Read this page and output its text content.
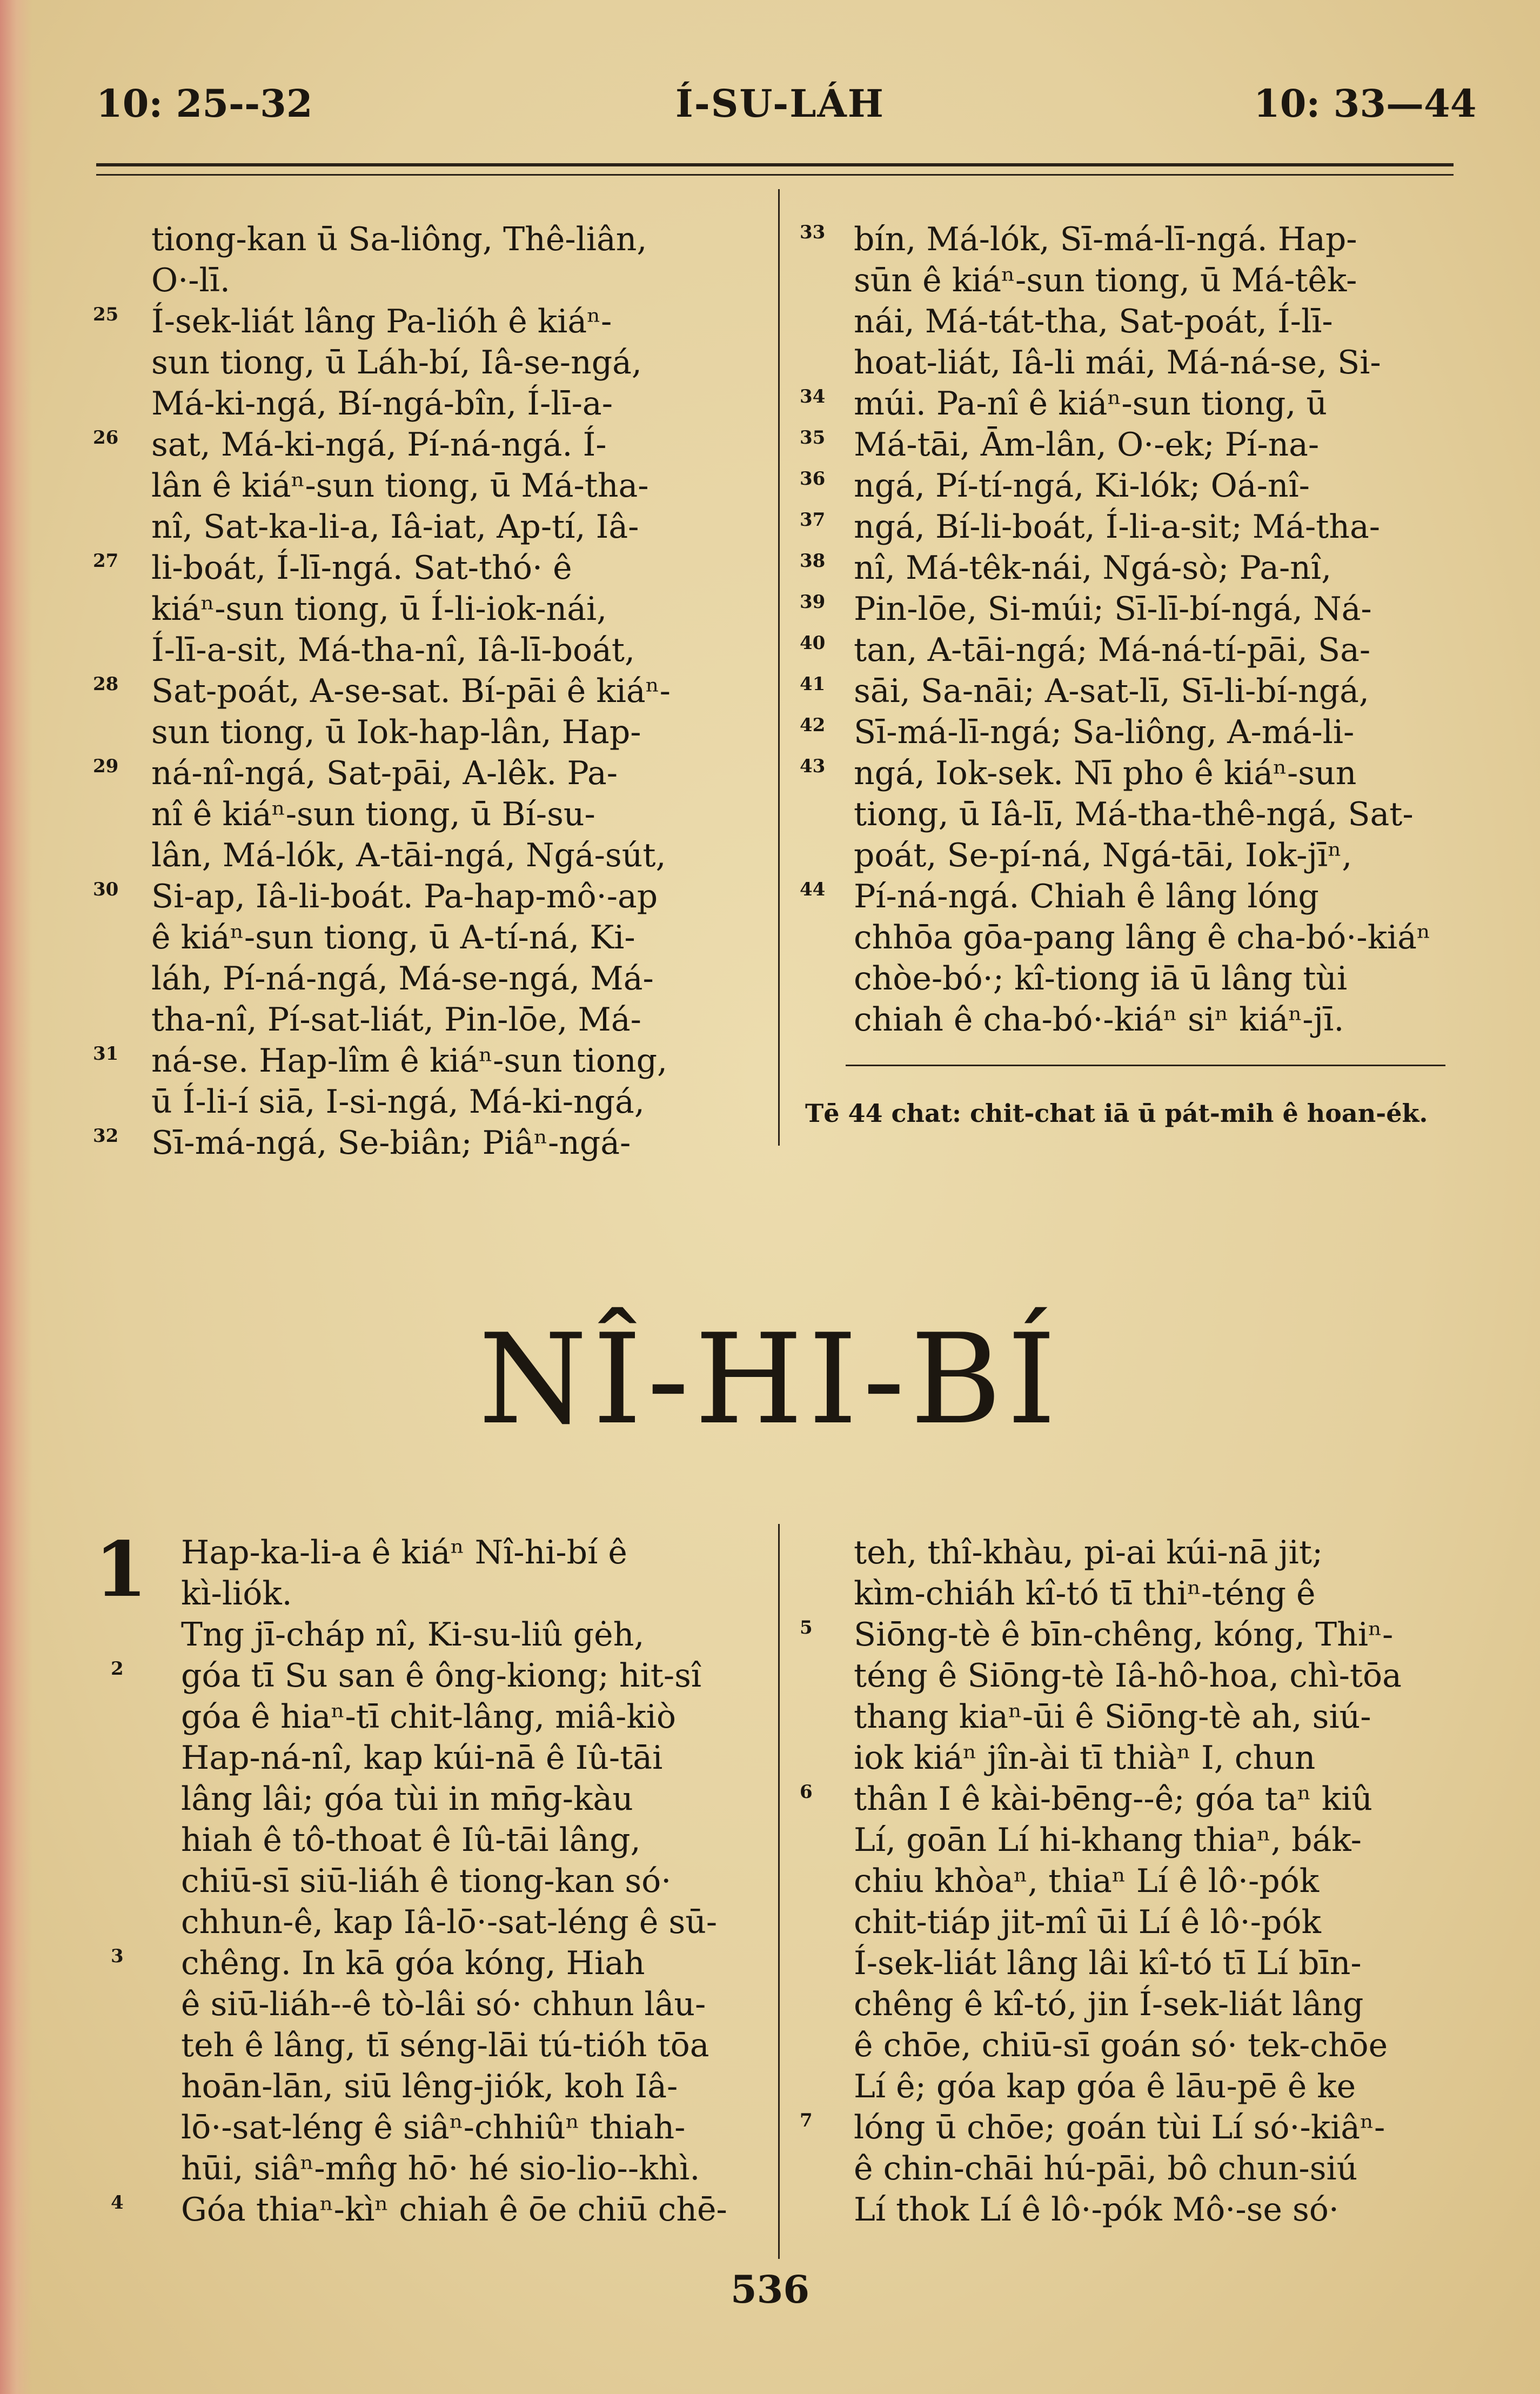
10: 25--32	Í-SU-LÁH	10: 33—44
tiong-kan ū Sa-liông, Thê-liân,
O·-lī.
25 Í-sek-liát lâng Pa-lióh ê kiáⁿ-
sun tiong, ū Láh-bí, Iâ-se-ngá,
Má-ki-ngá, Bí-ngá-bîn, Í-lī-a-
26 sat, Má-ki-ngá, Pí-ná-ngá. Í-
lân ê kiáⁿ-sun tiong, ū Má-tha-
nî, Sat-ka-li-a, Iâ-iat, Ap-tí, Iâ-
27 li-boát, Í-lī-ngá. Sat-thó· ê
kiáⁿ-sun tiong, ū Í-li-iok-nái,
Í-lī-a-sit, Má-tha-nî, Iâ-lī-boát,
28 Sat-poát, A-se-sat. Bí-pāi ê kiáⁿ-
sun tiong, ū Iok-hap-lân, Hap-
29 ná-nî-ngá, Sat-pāi, A-lêk. Pa-
nî ê kiáⁿ-sun tiong, ū Bí-su-
lân, Má-lók, A-tāi-ngá, Ngá-sút,
30 Si-ap, Iâ-li-boát. Pa-hap-mô·-ap
ê kiáⁿ-sun tiong, ū A-tí-ná, Ki-
láh, Pí-ná-ngá, Má-se-ngá, Má-
tha-nî, Pí-sat-liát, Pin-lōe, Má-
31 ná-se. Hap-lîm ê kiáⁿ-sun tiong,
ū Í-li-í siā, I-si-ngá, Má-ki-ngá,
32 Sī-má-ngá, Se-biân; Piâⁿ-ngá-
33 bín, Má-lók, Sī-má-lī-ngá. Hap-
sūn ê kiáⁿ-sun tiong, ū Má-têk-
nái, Má-tát-tha, Sat-poát, Í-lī-
hoat-liát, Iâ-li mái, Má-ná-se, Si-
34 múi. Pa-nî ê kiáⁿ-sun tiong, ū
35 Má-tāi, Ām-lân, O·-ek; Pí-na-
36 ngá, Pí-tí-ngá, Ki-lók; Oá-nî-
37 ngá, Bí-li-boát, Í-li-a-sit; Má-tha-
38 nî, Má-têk-nái, Ngá-sò; Pa-nî,
39 Pin-lōe, Si-múi; Sī-lī-bí-ngá, Ná-
40 tan, A-tāi-ngá; Má-ná-tí-pāi, Sa-
41 sāi, Sa-nāi; A-sat-lī, Sī-li-bí-ngá,
42 Sī-má-lī-ngá; Sa-liông, A-má-li-
43 ngá, Iok-sek. Nī pho ê kiáⁿ-sun
tiong, ū Iâ-lī, Má-tha-thê-ngá, Sat-
poát, Se-pí-ná, Ngá-tāi, Iok-jīⁿ,
44 Pí-ná-ngá. Chiah ê lâng lóng
chhōa gōa-pang lâng ê cha-bó·-kiáⁿ
chòe-bó·; kî-tiong iā ū lâng tùi
chiah ê cha-bó·-kiáⁿ siⁿ kiáⁿ-jī.
Tē 44 chat: chit-chat iā ū pát-mih ê hoan-ék.
NÎ-HI-BÍ
1 Hap-ka-li-a ê kiáⁿ Nî-hi-bí ê
kì-liók.
Tng jī-cháp nî, Ki-su-liû gėh,
2 góa tī Su san ê ông-kiong; hit-sî
góa ê hiaⁿ-tī chit-lâng, miâ-kiò
Hap-ná-nî, kap kúi-nā ê Iû-tāi
lâng lâi; góa tùi in mn̄g-kàu
hiah ê tô-thoat ê Iû-tāi lâng,
chiū-sī siū-liáh ê tiong-kan só·
chhun-ê, kap Iâ-lō·-sat-léng ê sū-
3 chêng. In kā góa kóng, Hiah
ê siū-liáh--ê tò-lâi só· chhun lâu-
teh ê lâng, tī séng-lāi tú-tióh tōa
hoān-lān, siū lêng-jiók, koh Iâ-
lō·-sat-léng ê siâⁿ-chhiûⁿ thiah-
hūi, siâⁿ-mn̂g hō· hé sio-lio--khì.
4 Góa thiaⁿ-kìⁿ chiah ê ōe chiū chē-
teh, thî-khàu, pi-ai kúi-nā jit;
kìm-chiáh kî-tó tī thiⁿ-téng ê
5 Siōng-tè ê bīn-chêng, kóng, Thiⁿ-
téng ê Siōng-tè Iâ-hô-hoa, chì-tōa
thang kiaⁿ-ūi ê Siōng-tè ah, siú-
iok kiáⁿ jîn-ài tī thiàⁿ I, chun
6 thân I ê kài-bēng--ê; góa taⁿ kiû
Lí, goān Lí hi-khang thiaⁿ, bák-
chiu khòaⁿ, thiaⁿ Lí ê lô·-pók
chit-tiáp jit-mî ūi Lí ê lô·-pók
Í-sek-liát lâng lâi kî-tó tī Lí bīn-
chêng ê kî-tó, jin Í-sek-liát lâng
ê chōe, chiū-sī goán só· tek-chōe
Lí ê; góa kap góa ê lāu-pē ê ke
7 lóng ū chōe; goán tùi Lí só·-kiâⁿ-
ê chin-chāi hú-pāi, bô chun-siú
Lí thok Lí ê lô·-pók Mô·-se só·
536
